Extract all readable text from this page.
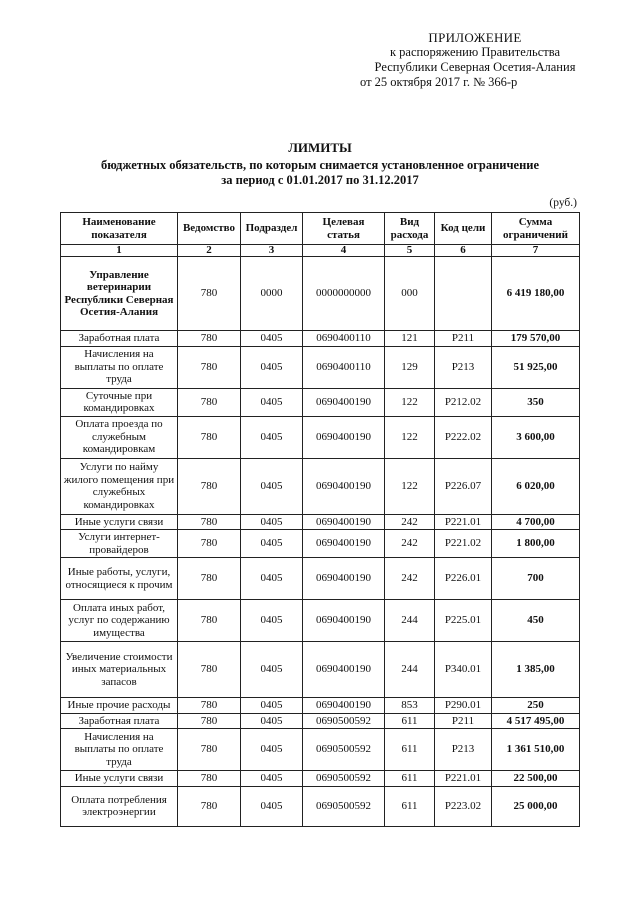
ПРИЛОЖЕНИЕ
к распоряжению Правительства
Республики Северная Осетия-Алания
от 25 октября 2017 г. № 366-р
ЛИМИТЫ
бюджетных обязательств, по которым снимается установленное ограничение
за период с 01.01.2017 по 31.12.2017
(руб.)
Наименование показателя	Ведомство	Подраздел	Целевая статья	Вид расхода	Код цели	Сумма ограничений
1	2	3	4	5	6	7
Управление ветеринарии Республики Северная Осетия-Алания	780	0000	0000000000	000		6 419 180,00
Заработная плата	780	0405	0690400110	121	Р211	179 570,00
Начисления на выплаты по оплате труда	780	0405	0690400110	129	Р213	51 925,00
Суточные при командировках	780	0405	0690400190	122	Р212.02	350
Оплата проезда по служебным командировкам	780	0405	0690400190	122	Р222.02	3 600,00
Услуги по найму жилого помещения при служебных командировках	780	0405	0690400190	122	Р226.07	6 020,00
Иные услуги связи	780	0405	0690400190	242	Р221.01	4 700,00
Услуги интернет-провайдеров	780	0405	0690400190	242	Р221.02	1 800,00
Иные работы, услуги, относящиеся к прочим	780	0405	0690400190	242	Р226.01	700
Оплата иных работ, услуг по содержанию имущества	780	0405	0690400190	244	Р225.01	450
Увеличение стоимости иных материальных запасов	780	0405	0690400190	244	Р340.01	1 385,00
Иные прочие расходы	780	0405	0690400190	853	Р290.01	250
Заработная плата	780	0405	0690500592	611	Р211	4 517 495,00
Начисления на выплаты по оплате труда	780	0405	0690500592	611	Р213	1 361 510,00
Иные услуги связи	780	0405	0690500592	611	Р221.01	22 500,00
Оплата потребления электроэнергии	780	0405	0690500592	611	Р223.02	25 000,00
